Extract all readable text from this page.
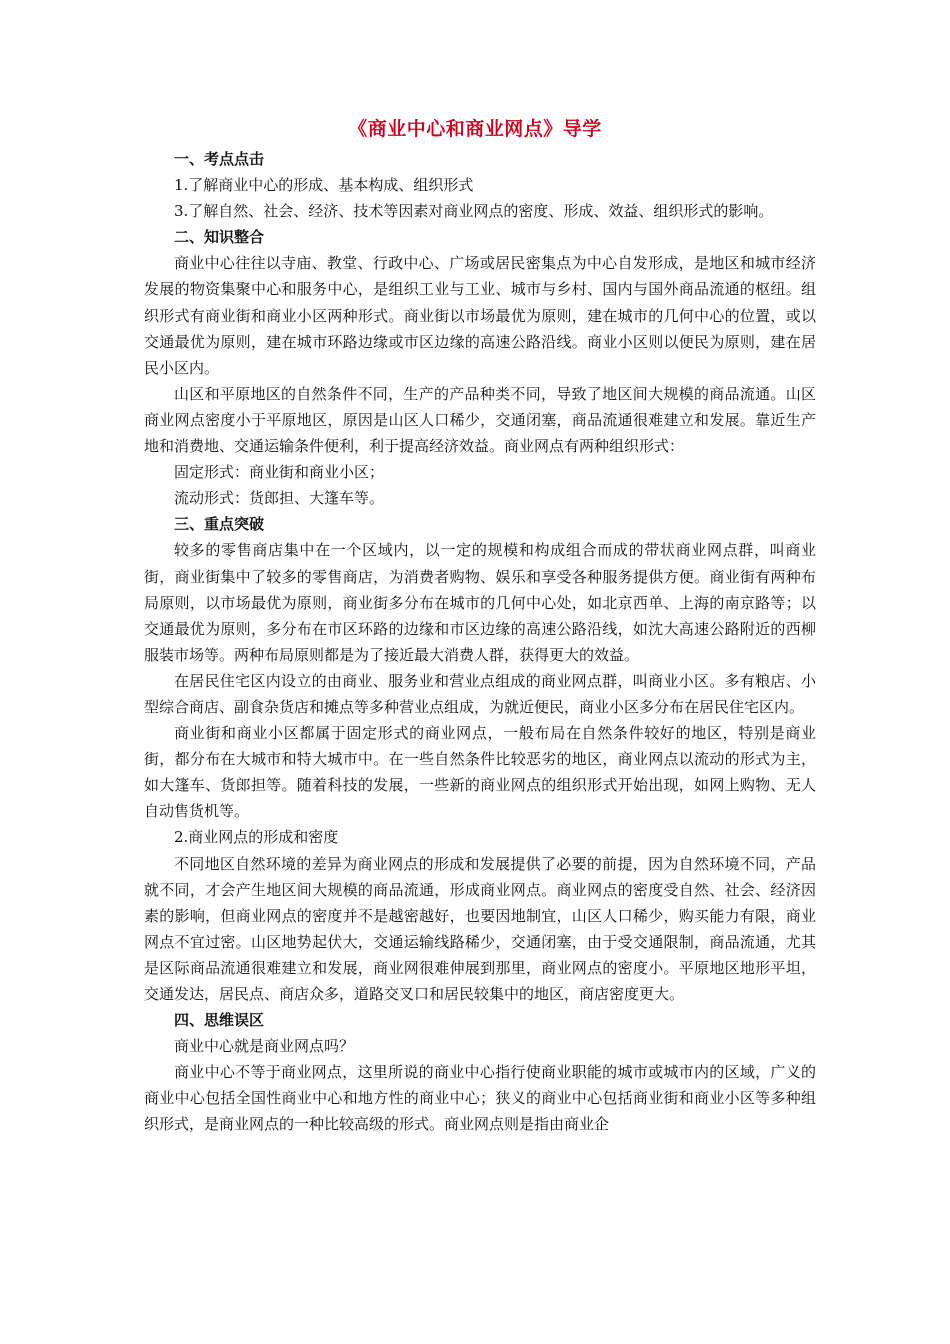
《商业中心和商业网点》导学

一、考点点击

1.了解商业中心的形成、基本构成、组织形式

3.了解自然、社会、经济、技术等因素对商业网点的密度、形成、效益、组织形式的影响。

二、知识整合

商业中心往往以寺庙、教堂、行政中心、广场或居民密集点为中心自发形成，是地区和城市经济发展的物资集聚中心和服务中心，是组织工业与工业、城市与乡村、国内与国外商品流通的枢纽。组织形式有商业街和商业小区两种形式。商业街以市场最优为原则，建在城市的几何中心的位置，或以交通最优为原则，建在城市环路边缘或市区边缘的高速公路沿线。商业小区则以便民为原则，建在居民小区内。

山区和平原地区的自然条件不同，生产的产品种类不同，导致了地区间大规模的商品流通。山区商业网点密度小于平原地区，原因是山区人口稀少，交通闭塞，商品流通很难建立和发展。靠近生产地和消费地、交通运输条件便利，利于提高经济效益。商业网点有两种组织形式：

固定形式：商业街和商业小区；

流动形式：货郎担、大篷车等。

三、重点突破

较多的零售商店集中在一个区域内，以一定的规模和构成组合而成的带状商业网点群，叫商业街，商业街集中了较多的零售商店，为消费者购物、娱乐和享受各种服务提供方便。商业街有两种布局原则，以市场最优为原则，商业街多分布在城市的几何中心处，如北京西单、上海的南京路等；以交通最优为原则，多分布在市区环路的边缘和市区边缘的高速公路沿线，如沈大高速公路附近的西柳服装市场等。两种布局原则都是为了接近最大消费人群，获得更大的效益。

在居民住宅区内设立的由商业、服务业和营业点组成的商业网点群，叫商业小区。多有粮店、小型综合商店、副食杂货店和摊点等多种营业点组成，为就近便民，商业小区多分布在居民住宅区内。

商业街和商业小区都属于固定形式的商业网点，一般布局在自然条件较好的地区，特别是商业街，都分布在大城市和特大城市中。在一些自然条件比较恶劣的地区，商业网点以流动的形式为主，如大篷车、货郎担等。随着科技的发展，一些新的商业网点的组织形式开始出现，如网上购物、无人自动售货机等。

2.商业网点的形成和密度

不同地区自然环境的差异为商业网点的形成和发展提供了必要的前提，因为自然环境不同，产品就不同，才会产生地区间大规模的商品流通，形成商业网点。商业网点的密度受自然、社会、经济因素的影响，但商业网点的密度并不是越密越好，也要因地制宜，山区人口稀少，购买能力有限，商业网点不宜过密。山区地势起伏大，交通运输线路稀少，交通闭塞，由于受交通限制，商品流通，尤其是区际商品流通很难建立和发展，商业网很难伸展到那里，商业网点的密度小。平原地区地形平坦，交通发达，居民点、商店众多，道路交叉口和居民较集中的地区，商店密度更大。

四、思维误区

商业中心就是商业网点吗？

商业中心不等于商业网点，这里所说的商业中心指行使商业职能的城市或城市内的区域，广义的商业中心包括全国性商业中心和地方性的商业中心；狭义的商业中心包括商业街和商业小区等多种组织形式，是商业网点的一种比较高级的形式。商业网点则是指由商业企
